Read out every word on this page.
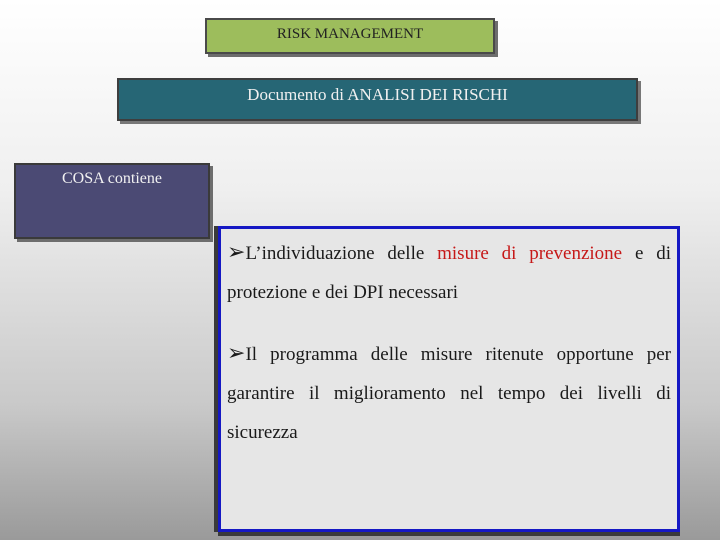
RISK MANAGEMENT
Documento di ANALISI DEI RISCHI
COSA contiene

➢L’individuazione delle misure di prevenzione e di protezione e dei DPI necessari

➢Il programma delle misure ritenute opportune per garantire il miglioramento nel tempo dei livelli di sicurezza
